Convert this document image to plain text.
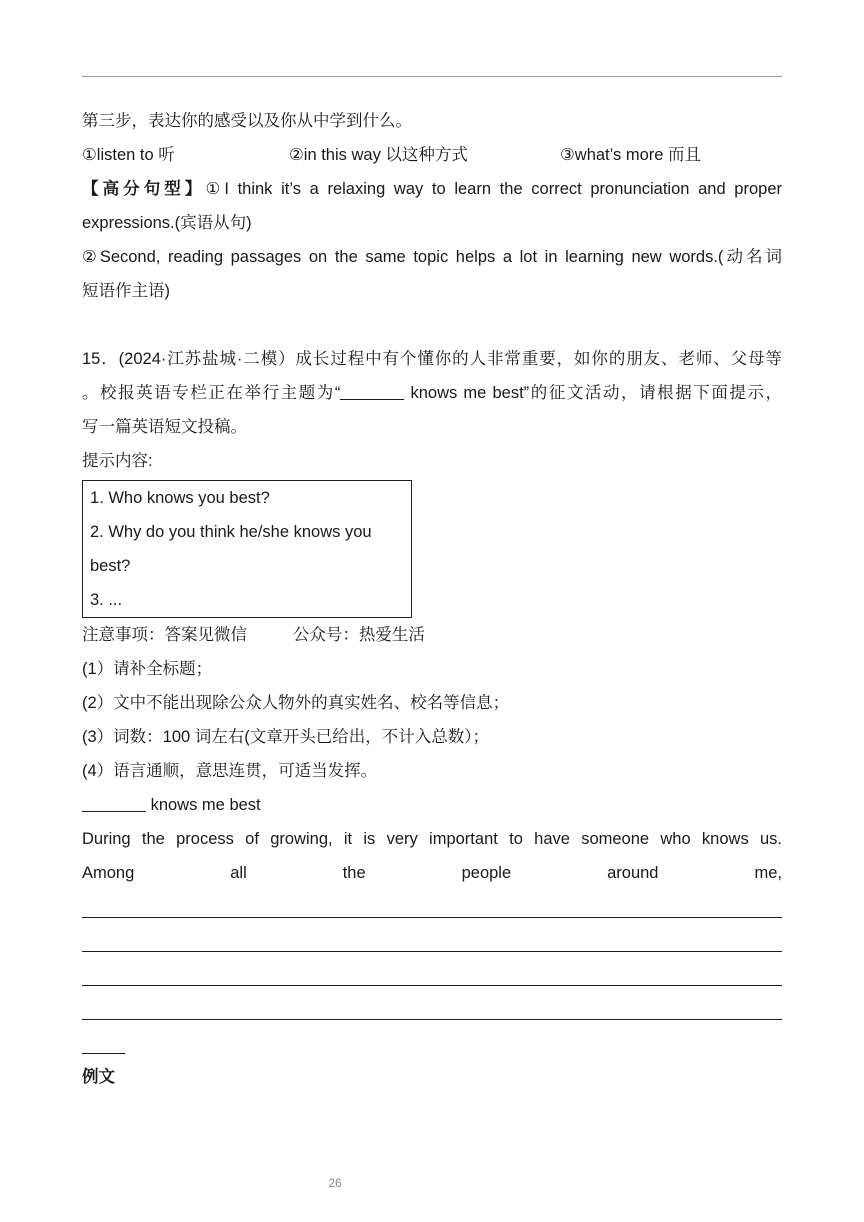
第三步，表达你的感受以及你从中学到什么。
①listen to 听	②in this way 以这种方式	③what’s more 而且
【高分句型】①I think it’s a relaxing way to learn the correct pronunciation and proper
expressions.(宾语从句)
②Second, reading passages on the same topic helps a lot in learning new words.(动名词
短语作主语)
15．(2024·江苏盐城·二模）成长过程中有个懂你的人非常重要，如你的朋友、老师、父母等
。校报英语专栏正在举行主题为“	knows me best”的征文活动，请根据下面提示，
写一篇英语短文投稿。
提示内容:
1. Who knows you best?
2. Why do you think he/she knows you
best?
3. ...
注意事项：答案见微信          公众号：热爱生活
(1）请补全标题；
(2）文中不能出现除公众人物外的真实姓名、校名等信息；
(3）词数：100 词左右(文章开头已给出，不计入总数）；
(4）语言通顺，意思连贯，可适当发挥。
knows me best
During the process of growing, it is very important to have someone who knows us.
Among	all	the	people	around	me,
例文
26
